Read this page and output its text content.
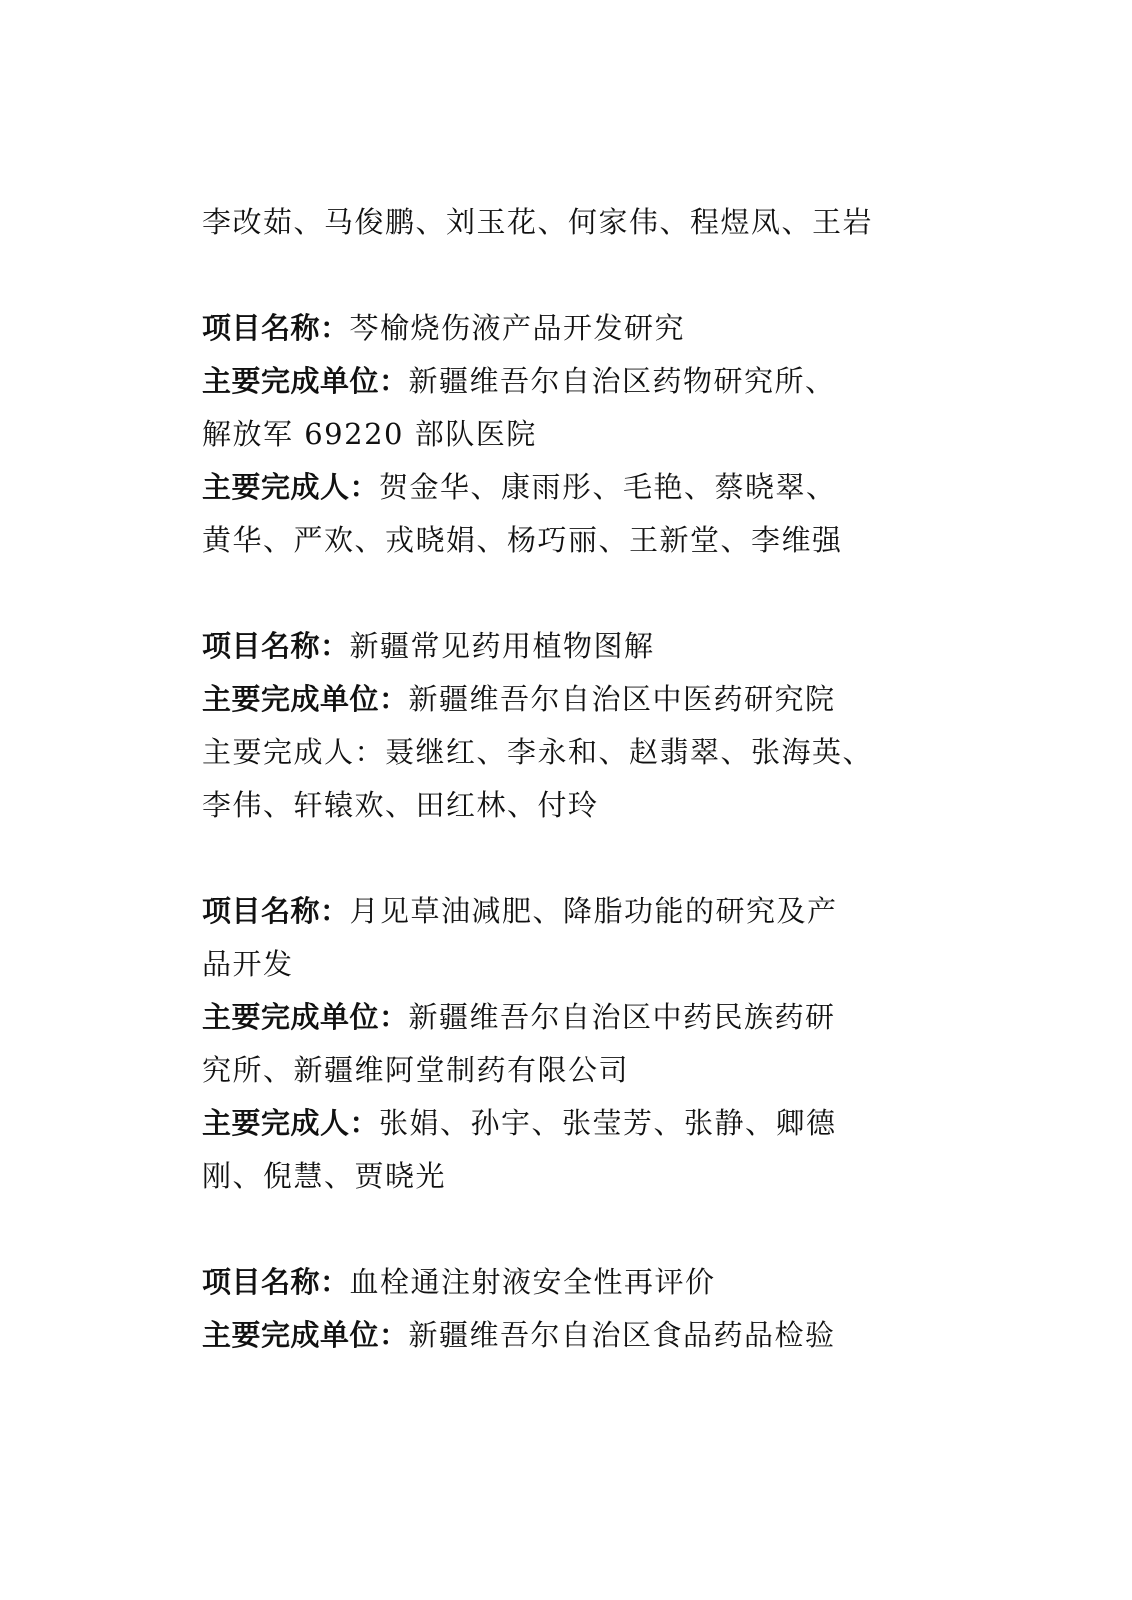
李改茹、马俊鹏、刘玉花、何家伟、程煜凤、王岩
项目名称：芩榆烧伤液产品开发研究
主要完成单位：新疆维吾尔自治区药物研究所、
解放军 69220 部队医院
主要完成人：贺金华、康雨彤、毛艳、蔡晓翠、
黄华、严欢、戎晓娟、杨巧丽、王新堂、李维强
项目名称：新疆常见药用植物图解
主要完成单位：新疆维吾尔自治区中医药研究院
主要完成人：聂继红、李永和、赵翡翠、张海英、
李伟、轩辕欢、田红林、付玲
项目名称：月见草油减肥、降脂功能的研究及产
品开发
主要完成单位：新疆维吾尔自治区中药民族药研
究所、新疆维阿堂制药有限公司
主要完成人：张娟、孙宇、张莹芳、张静、卿德
刚、倪慧、贾晓光
项目名称：血栓通注射液安全性再评价
主要完成单位：新疆维吾尔自治区食品药品检验
